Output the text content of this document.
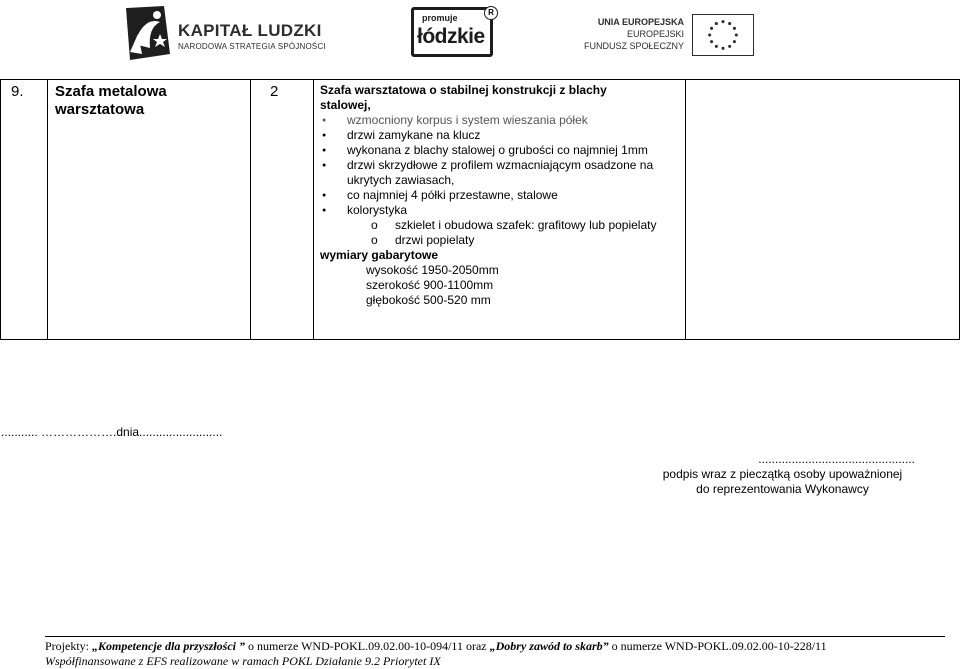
KAPITAŁ LUDZKI
NARODOWA STRATEGIA SPÓJNOŚCI
promuje
łódzkie
R
UNIA EUROPEJSKA
EUROPEJSKI
FUNDUSZ SPOŁECZNY
9. Szafa metalowa warsztatowa
2	Szafa warsztatowa o stabilnej konstrukcji z blachy stalowej,
● wzmocniony korpus i system wieszania półek
● drzwi zamykane na klucz
● wykonana z blachy stalowej o grubości co najmniej 1mm
● drzwi skrzydłowe z profilem wzmacniającym osadzone na ukrytych zawiasach,
● co najmniej 4 półki przestawne, stalowe
● kolorystyka
o szkielet i obudowa szafek: grafitowy lub popielaty
o drzwi popielaty
wymiary gabarytowe
wysokość 1950-2050mm
szerokość 900-1100mm
głębokość 500-520 mm
........... ……………….dnia.........................
...............................................
podpis wraz z pieczątką osoby upoważnionej
do reprezentowania Wykonawcy
Projekty: „Kompetencje dla przyszłości ” o numerze WND-POKL.09.02.00-10-094/11 oraz „Dobry zawód to skarb” o numerze WND-POKL.09.02.00-10-228/11
Współfinansowane z EFS realizowane w ramach POKL Działanie 9.2 Priorytet IX
